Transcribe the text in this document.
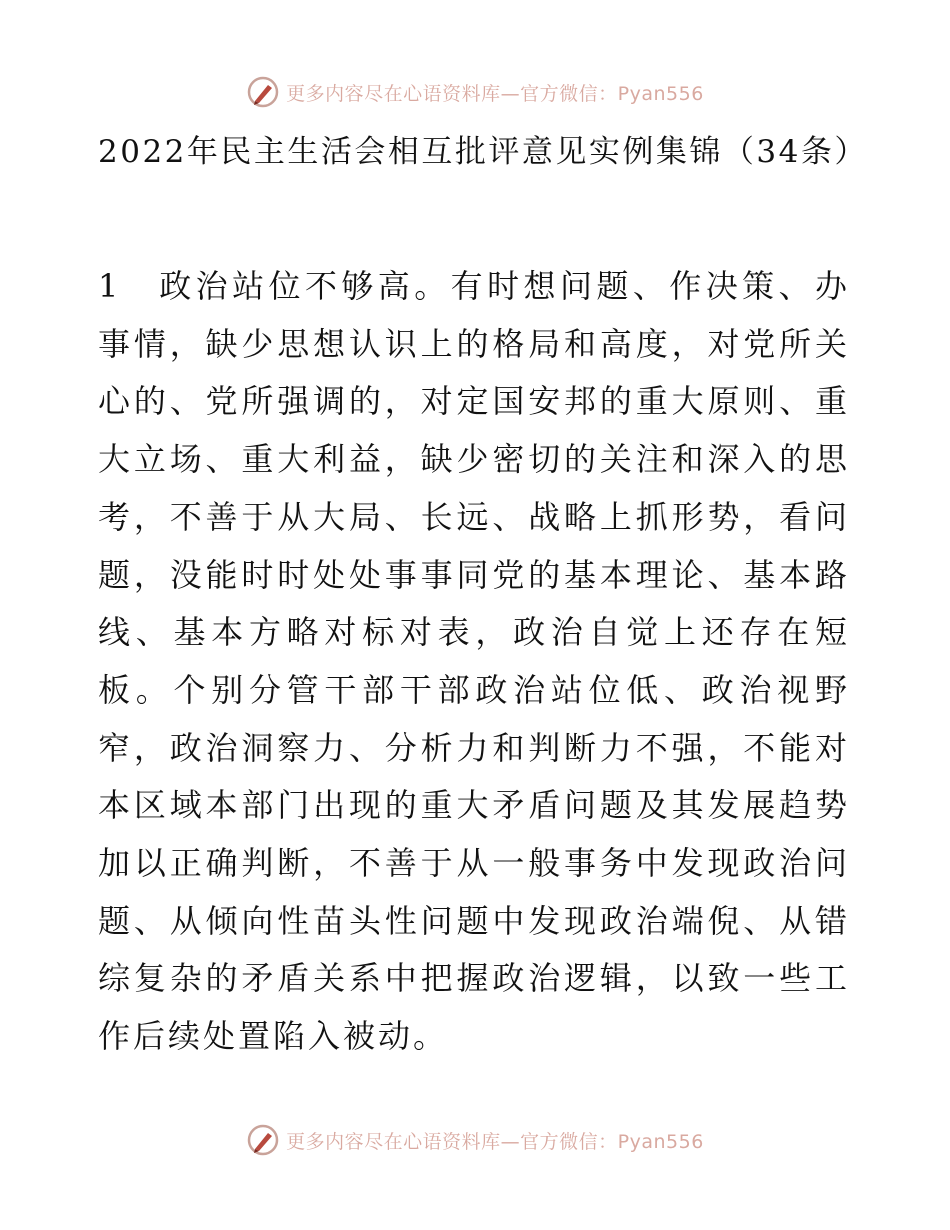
更多内容尽在心语资料库—官方微信：Pyan556
2022年民主生活会相互批评意见实例集锦（34条）

1　政治站位不够高。有时想问题、作决策、办事情，缺少思想认识上的格局和高度，对党所关心的、党所强调的，对定国安邦的重大原则、重大立场、重大利益，缺少密切的关注和深入的思考，不善于从大局、长远、战略上抓形势，看问题，没能时时处处事事同党的基本理论、基本路线、基本方略对标对表，政治自觉上还存在短板。个别分管干部干部政治站位低、政治视野窄，政治洞察力、分析力和判断力不强，不能对本区域本部门出现的重大矛盾问题及其发展趋势加以正确判断，不善于从一般事务中发现政治问题、从倾向性苗头性问题中发现政治端倪、从错综复杂的矛盾关系中把握政治逻辑，以致一些工作后续处置陷入被动。

更多内容尽在心语资料库—官方微信：Pyan556
